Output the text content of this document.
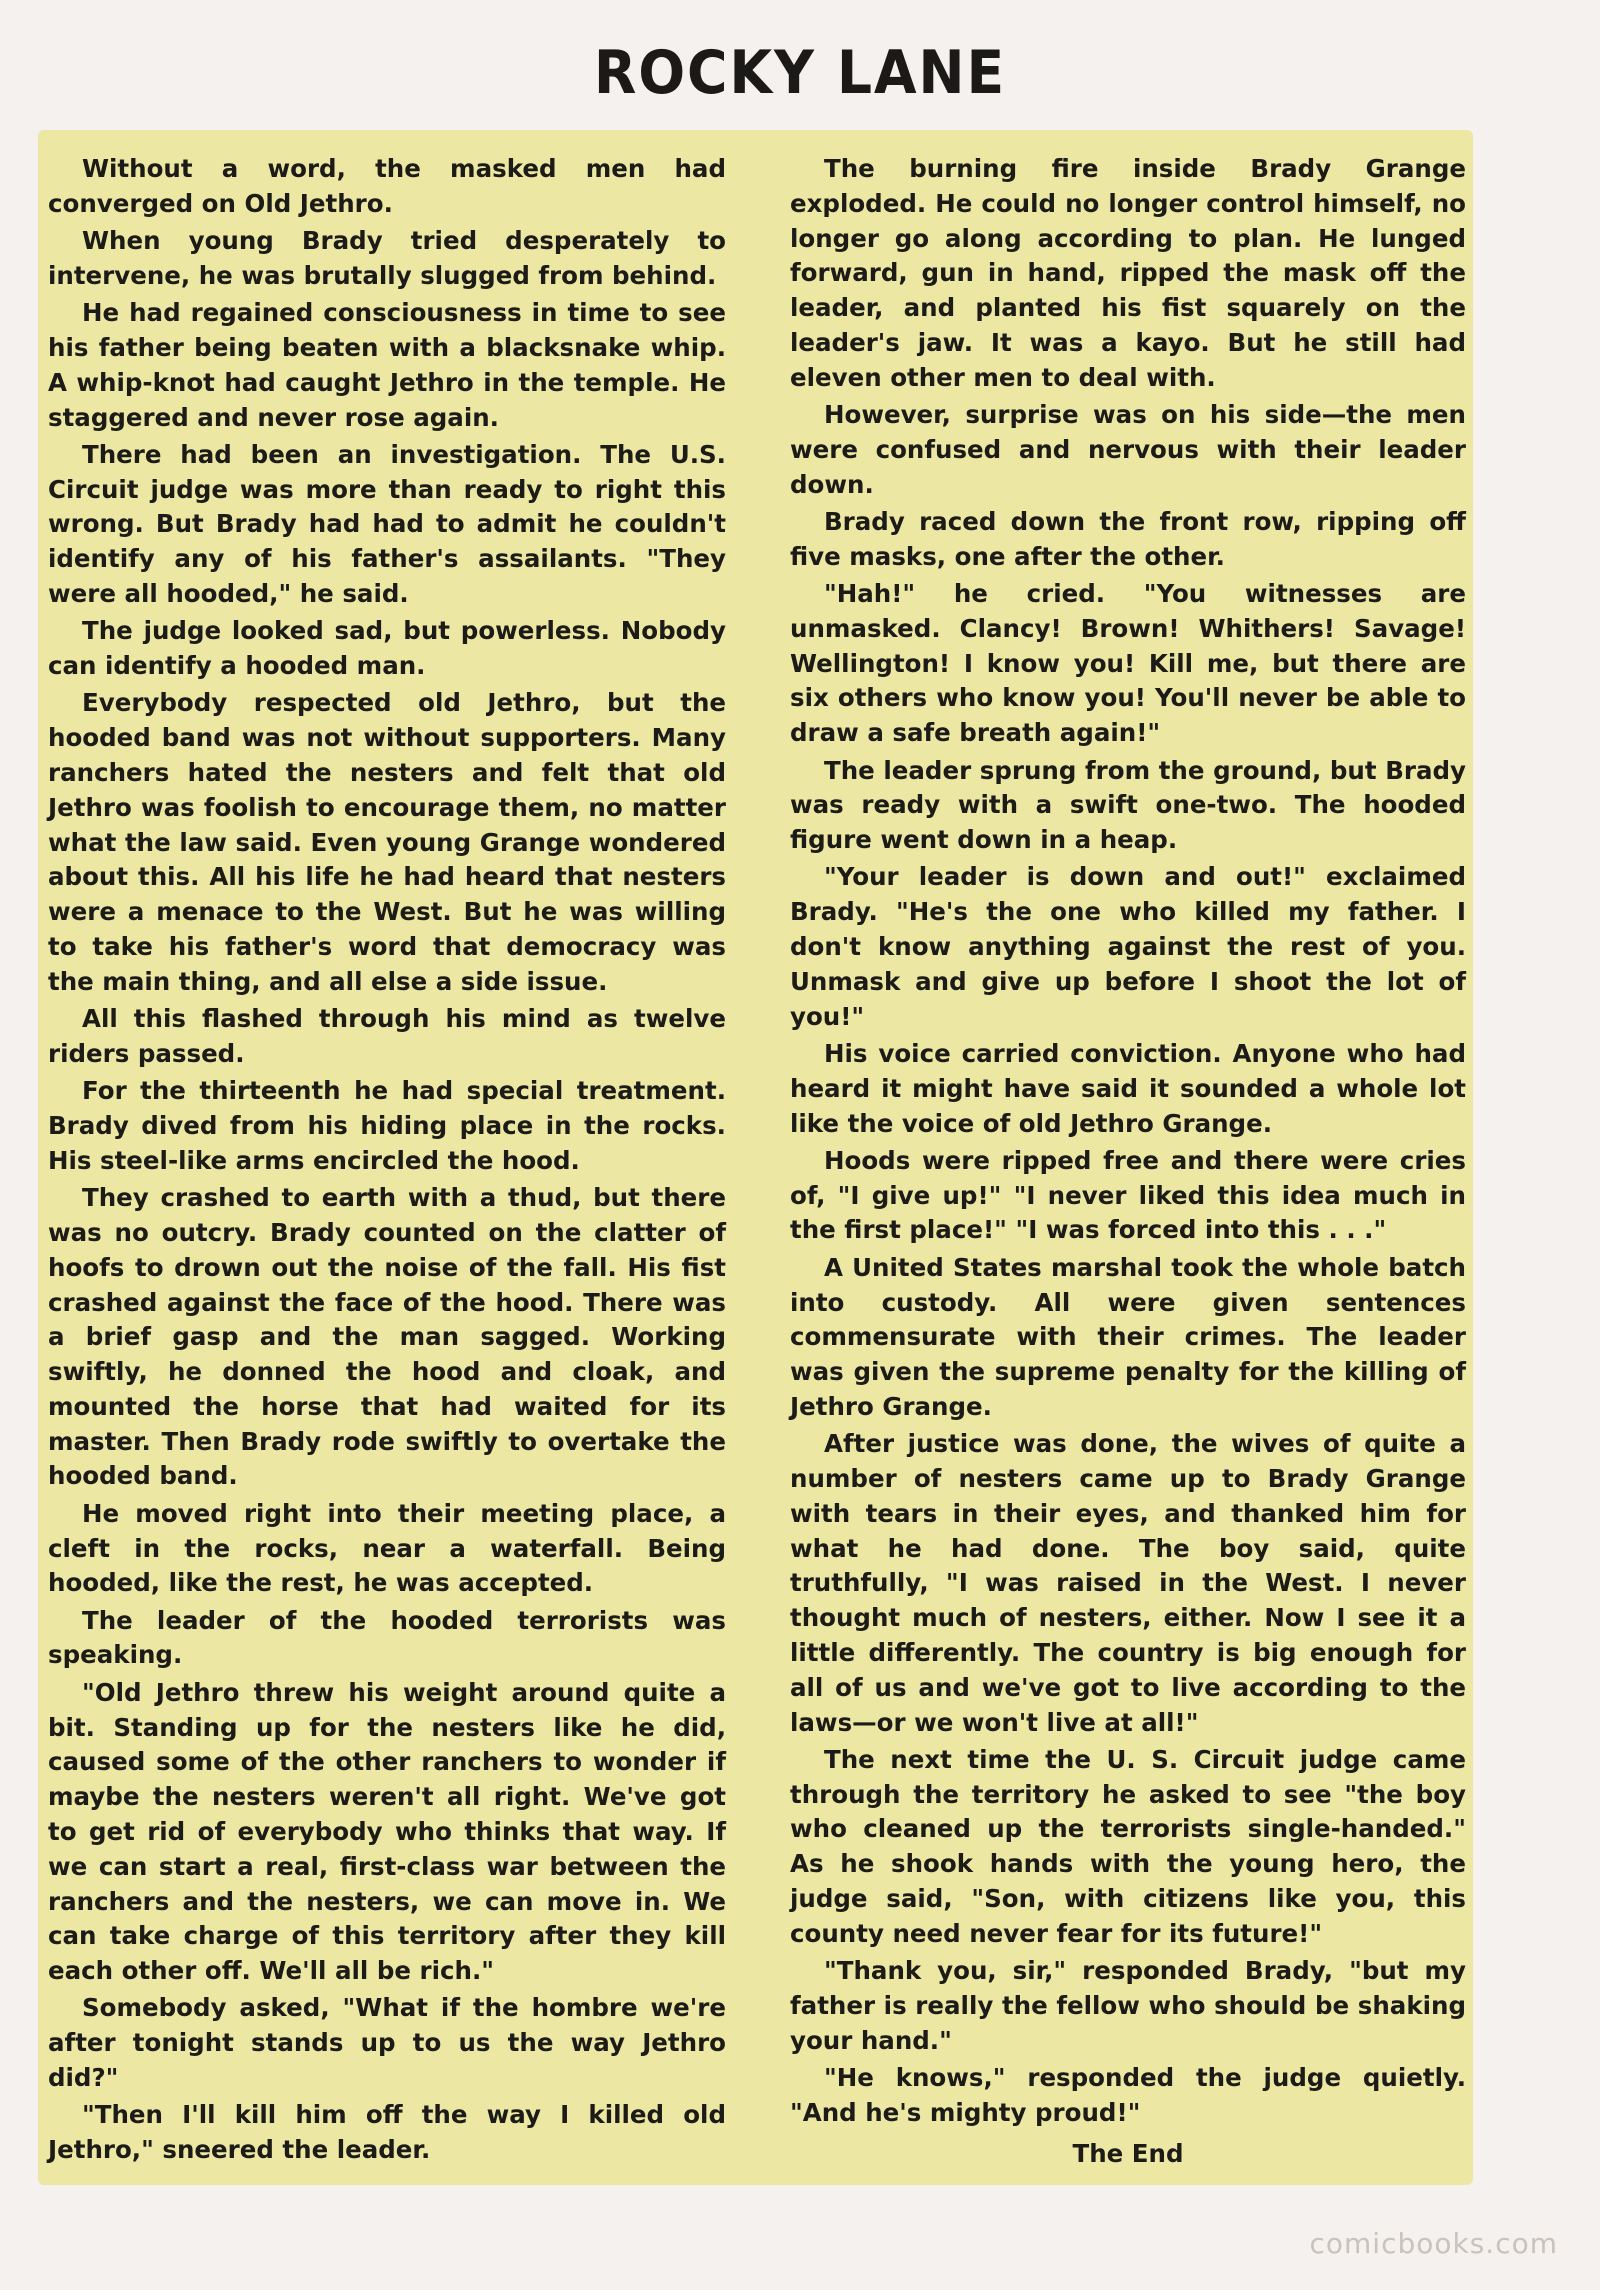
ROCKY LANE

Without a word, the masked men had converged on Old Jethro.

When young Brady tried desperately to intervene, he was brutally slugged from behind.

He had regained consciousness in time to see his father being beaten with a blacksnake whip. A whip-knot had caught Jethro in the temple. He staggered and never rose again.

There had been an investigation. The U.S. Circuit judge was more than ready to right this wrong. But Brady had had to admit he couldn't identify any of his father's assailants. "They were all hooded," he said.

The judge looked sad, but powerless. Nobody can identify a hooded man.

Everybody respected old Jethro, but the hooded band was not without supporters. Many ranchers hated the nesters and felt that old Jethro was foolish to encourage them, no matter what the law said. Even young Grange wondered about this. All his life he had heard that nesters were a menace to the West. But he was willing to take his father's word that democracy was the main thing, and all else a side issue.

All this flashed through his mind as twelve riders passed.

For the thirteenth he had special treatment. Brady dived from his hiding place in the rocks. His steel-like arms encircled the hood.

They crashed to earth with a thud, but there was no outcry. Brady counted on the clatter of hoofs to drown out the noise of the fall. His fist crashed against the face of the hood. There was a brief gasp and the man sagged. Working swiftly, he donned the hood and cloak, and mounted the horse that had waited for its master. Then Brady rode swiftly to overtake the hooded band.

He moved right into their meeting place, a cleft in the rocks, near a waterfall. Being hooded, like the rest, he was accepted.

The leader of the hooded terrorists was speaking.

"Old Jethro threw his weight around quite a bit. Standing up for the nesters like he did, caused some of the other ranchers to wonder if maybe the nesters weren't all right. We've got to get rid of everybody who thinks that way. If we can start a real, first-class war between the ranchers and the nesters, we can move in. We can take charge of this territory after they kill each other off. We'll all be rich."

Somebody asked, "What if the hombre we're after tonight stands up to us the way Jethro did?"

"Then I'll kill him off the way I killed old Jethro," sneered the leader.

The burning fire inside Brady Grange exploded. He could no longer control himself, no longer go along according to plan. He lunged forward, gun in hand, ripped the mask off the leader, and planted his fist squarely on the leader's jaw. It was a kayo. But he still had eleven other men to deal with.

However, surprise was on his side—the men were confused and nervous with their leader down.

Brady raced down the front row, ripping off five masks, one after the other.

"Hah!" he cried. "You witnesses are unmasked. Clancy! Brown! Whithers! Savage! Wellington! I know you! Kill me, but there are six others who know you! You'll never be able to draw a safe breath again!"

The leader sprung from the ground, but Brady was ready with a swift one-two. The hooded figure went down in a heap.

"Your leader is down and out!" exclaimed Brady. "He's the one who killed my father. I don't know anything against the rest of you. Unmask and give up before I shoot the lot of you!"

His voice carried conviction. Anyone who had heard it might have said it sounded a whole lot like the voice of old Jethro Grange.

Hoods were ripped free and there were cries of, "I give up!" "I never liked this idea much in the first place!" "I was forced into this . . ."

A United States marshal took the whole batch into custody. All were given sentences commensurate with their crimes. The leader was given the supreme penalty for the killing of Jethro Grange.

After justice was done, the wives of quite a number of nesters came up to Brady Grange with tears in their eyes, and thanked him for what he had done. The boy said, quite truthfully, "I was raised in the West. I never thought much of nesters, either. Now I see it a little differently. The country is big enough for all of us and we've got to live according to the laws—or we won't live at all!"

The next time the U. S. Circuit judge came through the territory he asked to see "the boy who cleaned up the terrorists single-handed." As he shook hands with the young hero, the judge said, "Son, with citizens like you, this county need never fear for its future!"

"Thank you, sir," responded Brady, "but my father is really the fellow who should be shaking your hand."

"He knows," responded the judge quietly. "And he's mighty proud!"

The End

comicbooks.com
